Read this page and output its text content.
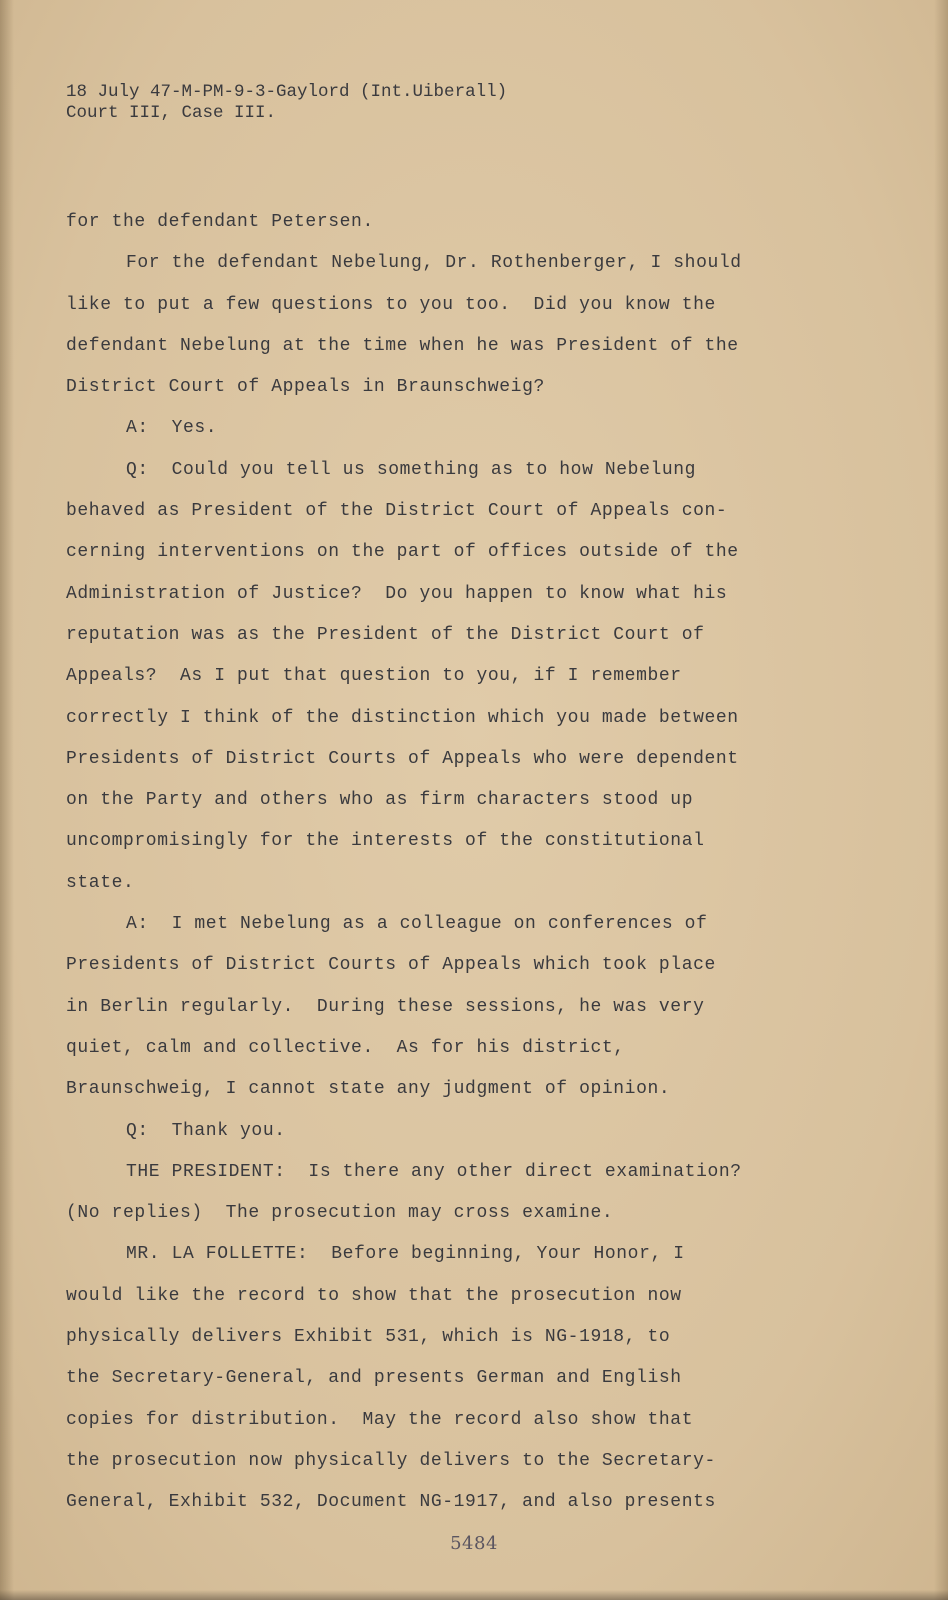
18 July 47-M-PM-9-3-Gaylord (Int.Uiberall)
Court III, Case III.
for the defendant Petersen.
For the defendant Nebelung, Dr. Rothenberger, I should
like to put a few questions to you too.  Did you know the
defendant Nebelung at the time when he was President of the
District Court of Appeals in Braunschweig?
A:  Yes.
Q:  Could you tell us something as to how Nebelung
behaved as President of the District Court of Appeals con-
cerning interventions on the part of offices outside of the
Administration of Justice?  Do you happen to know what his
reputation was as the President of the District Court of
Appeals?  As I put that question to you, if I remember
correctly I think of the distinction which you made between
Presidents of District Courts of Appeals who were dependent
on the Party and others who as firm characters stood up
uncompromisingly for the interests of the constitutional
state.
A:  I met Nebelung as a colleague on conferences of
Presidents of District Courts of Appeals which took place
in Berlin regularly.  During these sessions, he was very
quiet, calm and collective.  As for his district,
Braunschweig, I cannot state any judgment of opinion.
Q:  Thank you.
THE PRESIDENT:  Is there any other direct examination?
(No replies)  The prosecution may cross examine.
MR. LA FOLLETTE:  Before beginning, Your Honor, I
would like the record to show that the prosecution now
physically delivers Exhibit 531, which is NG-1918, to
the Secretary-General, and presents German and English
copies for distribution.  May the record also show that
the prosecution now physically delivers to the Secretary-
General, Exhibit 532, Document NG-1917, and also presents
5484
